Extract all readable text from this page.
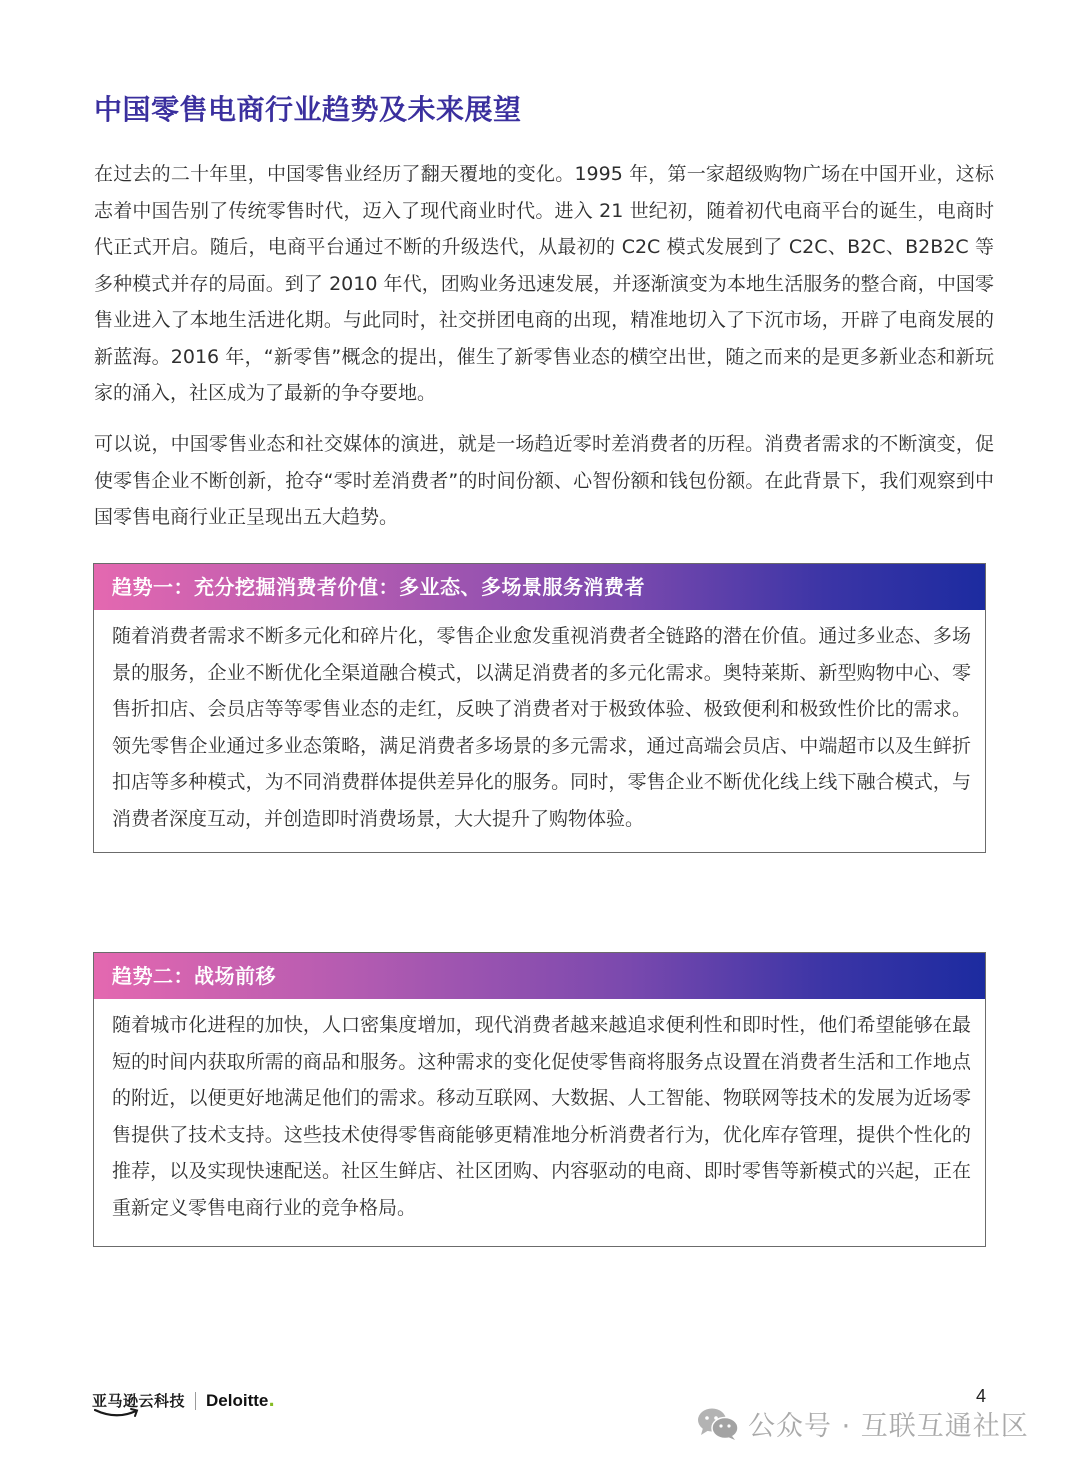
中国零售电商行业趋势及未来展望

在过去的二十年里，中国零售业经历了翻天覆地的变化。1995 年，第一家超级购物广场在中国开业，这标志着中国告别了传统零售时代，迈入了现代商业时代。进入 21 世纪初，随着初代电商平台的诞生，电商时代正式开启。随后，电商平台通过不断的升级迭代，从最初的 C2C 模式发展到了 C2C、B2C、B2B2C 等多种模式并存的局面。到了 2010 年代，团购业务迅速发展，并逐渐演变为本地生活服务的整合商，中国零售业进入了本地生活进化期。与此同时，社交拼团电商的出现，精准地切入了下沉市场，开辟了电商发展的新蓝海。2016 年，“新零售”概念的提出，催生了新零售业态的横空出世，随之而来的是更多新业态和新玩家的涌入，社区成为了最新的争夺要地。

可以说，中国零售业态和社交媒体的演进，就是一场趋近零时差消费者的历程。消费者需求的不断演变，促使零售企业不断创新，抢夺“零时差消费者”的时间份额、心智份额和钱包份额。在此背景下，我们观察到中国零售电商行业正呈现出五大趋势。

趋势一：充分挖掘消费者价值：多业态、多场景服务消费者

随着消费者需求不断多元化和碎片化，零售企业愈发重视消费者全链路的潜在价值。通过多业态、多场景的服务，企业不断优化全渠道融合模式，以满足消费者的多元化需求。奥特莱斯、新型购物中心、零售折扣店、会员店等等零售业态的走红，反映了消费者对于极致体验、极致便利和极致性价比的需求。领先零售企业通过多业态策略，满足消费者多场景的多元需求，通过高端会员店、中端超市以及生鲜折扣店等多种模式，为不同消费群体提供差异化的服务。同时，零售企业不断优化线上线下融合模式，与消费者深度互动，并创造即时消费场景，大大提升了购物体验。

趋势二：战场前移

随着城市化进程的加快，人口密集度增加，现代消费者越来越追求便利性和即时性，他们希望能够在最短的时间内获取所需的商品和服务。这种需求的变化促使零售商将服务点设置在消费者生活和工作地点的附近，以便更好地满足他们的需求。移动互联网、大数据、人工智能、物联网等技术的发展为近场零售提供了技术支持。这些技术使得零售商能够更精准地分析消费者行为，优化库存管理，提供个性化的推荐，以及实现快速配送。社区生鲜店、社区团购、内容驱动的电商、即时零售等新模式的兴起，正在重新定义零售电商行业的竞争格局。

亚马逊云科技 Deloitte.	4
公众号 · 互联互通社区
